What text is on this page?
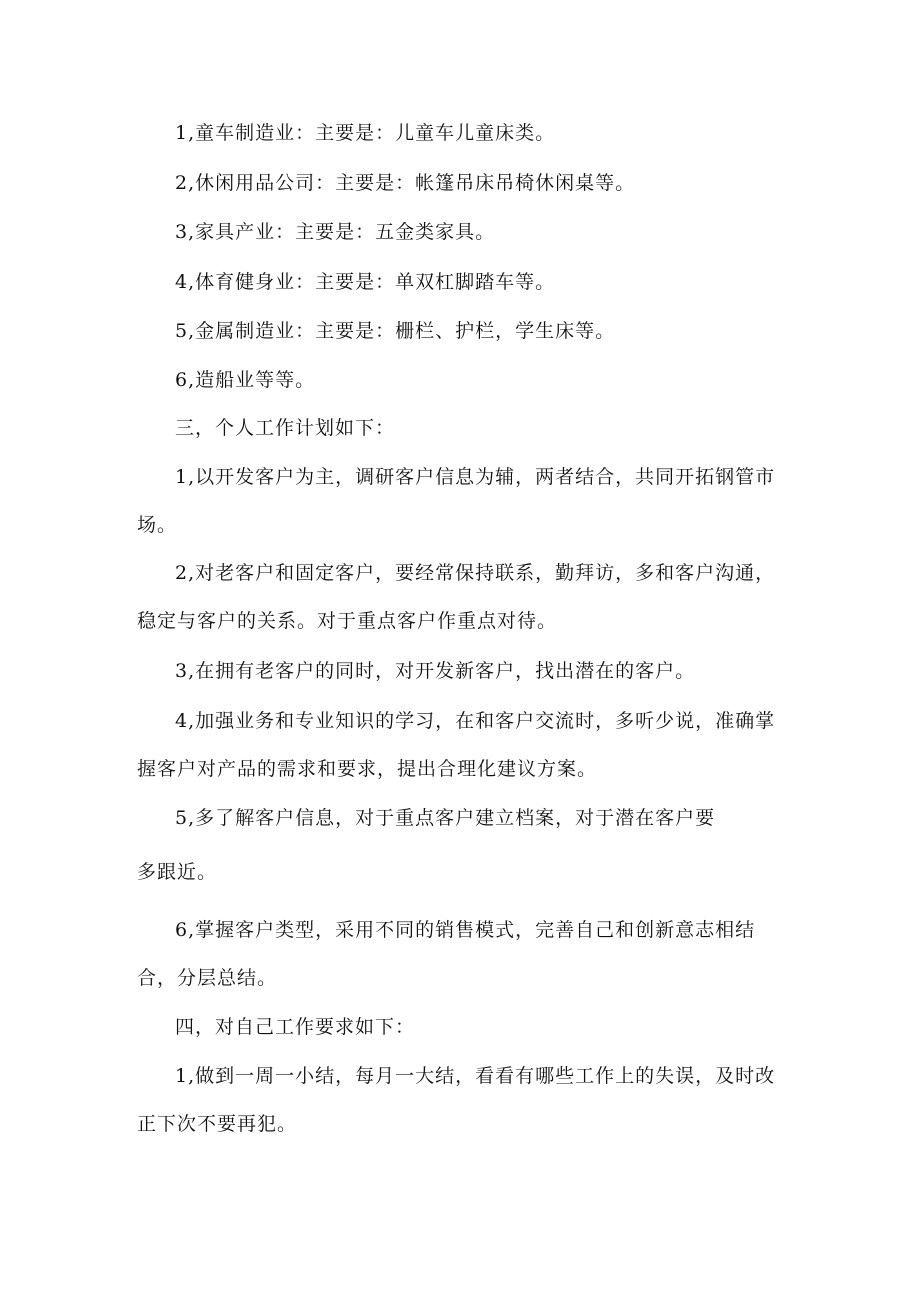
1,童车制造业：主要是：儿童车儿童床类。
2,休闲用品公司：主要是：帐篷吊床吊椅休闲桌等。
3,家具产业：主要是：五金类家具。
4,体育健身业：主要是：单双杠脚踏车等。
5,金属制造业：主要是：栅栏、护栏，学生床等。
6,造船业等等。
三，个人工作计划如下：
1,以开发客户为主，调研客户信息为辅，两者结合，共同开拓钢管市
场。
2,对老客户和固定客户，要经常保持联系，勤拜访，多和客户沟通，
稳定与客户的关系。对于重点客户作重点对待。
3,在拥有老客户的同时，对开发新客户，找出潜在的客户。
4,加强业务和专业知识的学习，在和客户交流时，多听少说，准确掌
握客户对产品的需求和要求，提出合理化建议方案。
5,多了解客户信息，对于重点客户建立档案，对于潜在客户要
多跟近。
6,掌握客户类型，采用不同的销售模式，完善自己和创新意志相结
合，分层总结。
四，对自己工作要求如下：
1,做到一周一小结，每月一大结，看看有哪些工作上的失误，及时改
正下次不要再犯。
